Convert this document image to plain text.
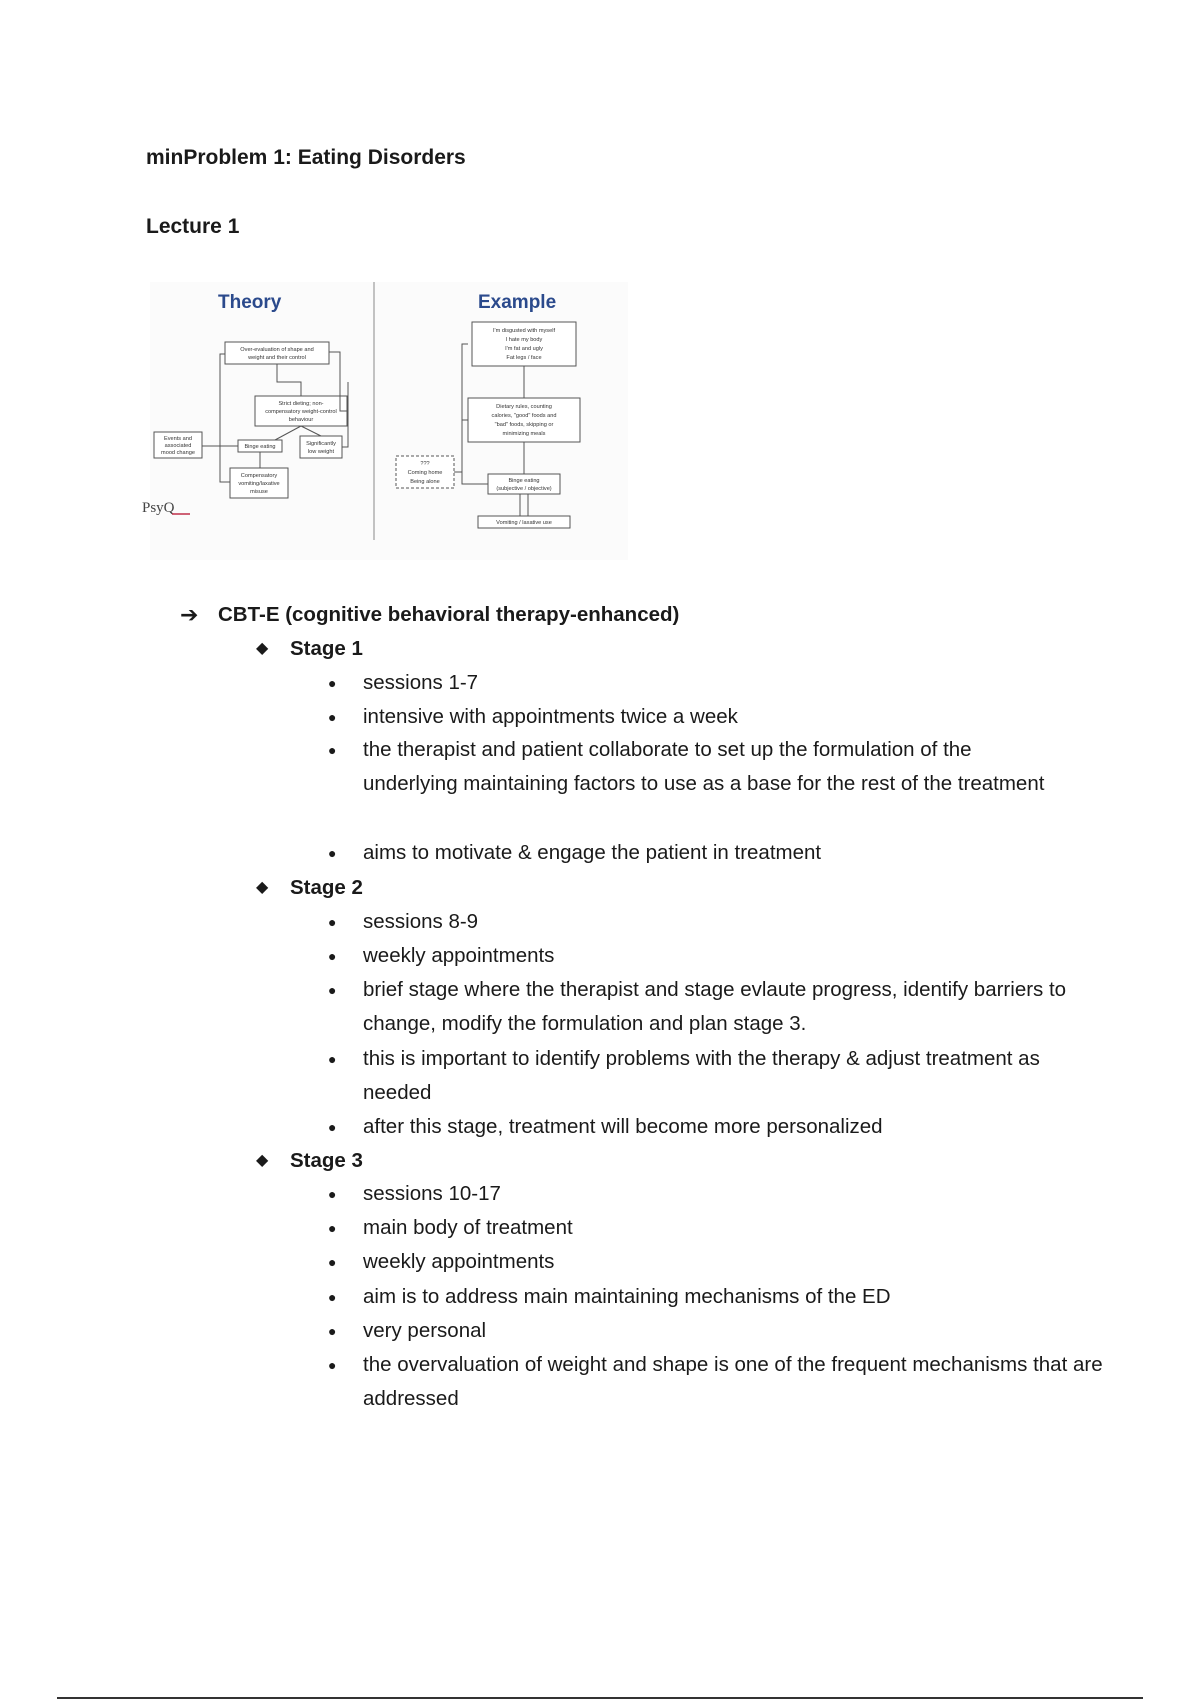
minProblem 1: Eating Disorders
Lecture 1
Theory	Example
Over-evaluation of shape and
weight and their control
Strict dieting; non-
compensatory weight-control
behaviour
Events and
associated
mood change
Binge eating	Significantly
low weight
Compensatory
vomiting/laxative
misuse
PsyQ
I'm disgusted with myself
I hate my body
I'm fat and ugly
Fat legs / face
Dietary rules, counting
calories, "good" foods and
"bad" foods, skipping or
minimizing meals
???
Coming home
Being alone	Binge eating
(subjective / objective)
Vomiting / laxative use
➔ CBT-E (cognitive behavioral therapy-enhanced)
◆ Stage 1
● sessions 1-7
● intensive with appointments twice a week
● the therapist and patient collaborate to set up the formulation of the underlying maintaining factors to use as a base for the rest of the treatment
● aims to motivate & engage the patient in treatment
◆ Stage 2
● sessions 8-9
● weekly appointments
● brief stage where the therapist and stage evlaute progress, identify barriers to change, modify the formulation and plan stage 3.
● this is important to identify problems with the therapy & adjust treatment as needed
● after this stage, treatment will become more personalized
◆ Stage 3
● sessions 10-17
● main body of treatment
● weekly appointments
● aim is to address main maintaining mechanisms of the ED
● very personal
● the overvaluation of weight and shape is one of the frequent mechanisms that are addressed
